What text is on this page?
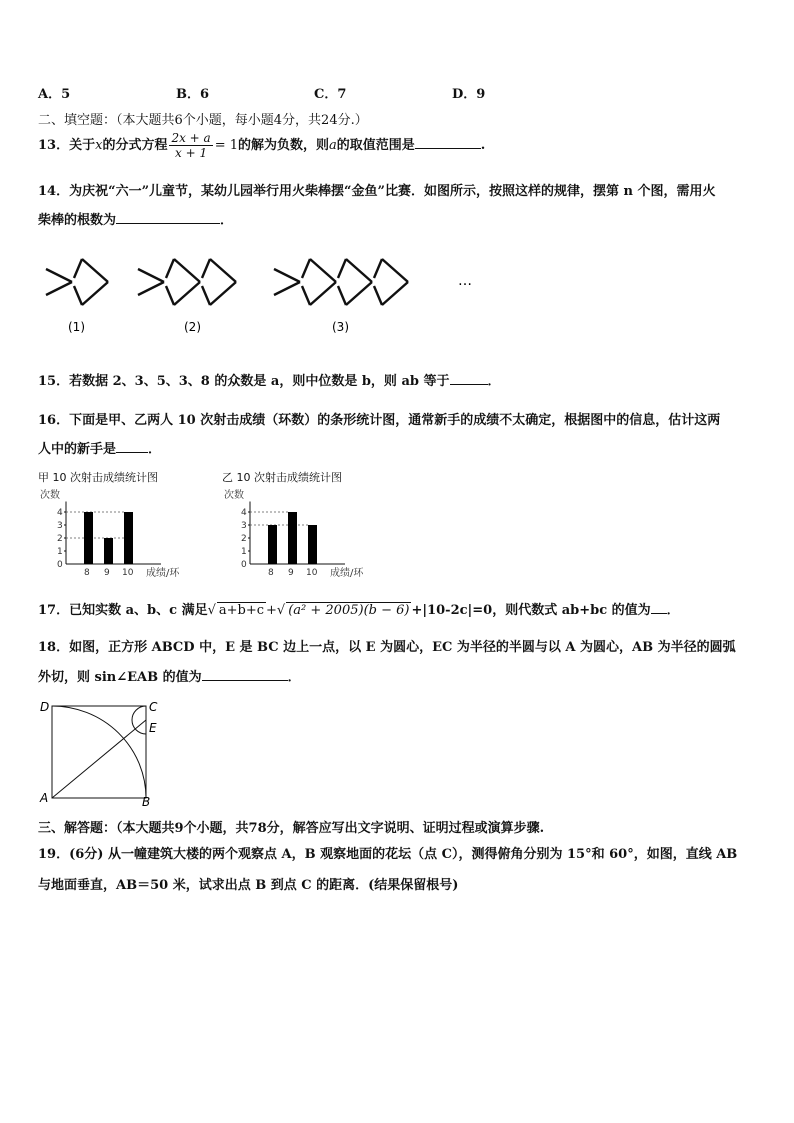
A．5	B．6	C．7	D．9
二、填空题：（本大题共6个小题，每小题4分，共24分.）
13．关于x的分式方程 $\frac{2x + a}{x + 1} = 1$的解为负数，则a的取值范围是	.
14．为庆祝“六一”儿童节，某幼儿园举行用火柴棒摆“金鱼”比赛．如图所示，按照这样的规律，摆第 n 个图，需用火
柴棒的根数为	．
(1)	(2)	(3)
…
15．若数据 2、3、5、3、8 的众数是 a，则中位数是 b，则 ab 等于	．
16．下面是甲、乙两人 10 次射击成绩（环数）的条形统计图，通常新手的成绩不太确定，根据图中的信息，估计这两
人中的新手是 ．
甲 10 次射击成绩统计图
次数
0
1
2
3
4
8 9 10 成绩/环
乙 10 次射击成绩统计图
次数
0
1
2
3
4
8 9 10 成绩/环
17．已知实数 a、b、c 满足√ a+b+c +√ (a² + 2005)(b − 6) +|10-2c|=0，则代数式 ab+bc 的值为 ．
18．如图，正方形 ABCD 中，E 是 BC 边上一点，以 E 为圆心，EC 为半径的半圆与以 A 为圆心，AB 为半径的圆弧
外切，则 sin∠EAB 的值为	．
D	C
E
A	B
三、解答题：（本大题共9个小题，共78分，解答应写出文字说明、证明过程或演算步骤.
19．(6分) 从一幢建筑大楼的两个观察点 A，B 观察地面的花坛（点 C），测得俯角分别为 15°和 60°，如图，直线 AB
与地面垂直，AB＝50 米，试求出点 B 到点 C 的距离．(结果保留根号)
